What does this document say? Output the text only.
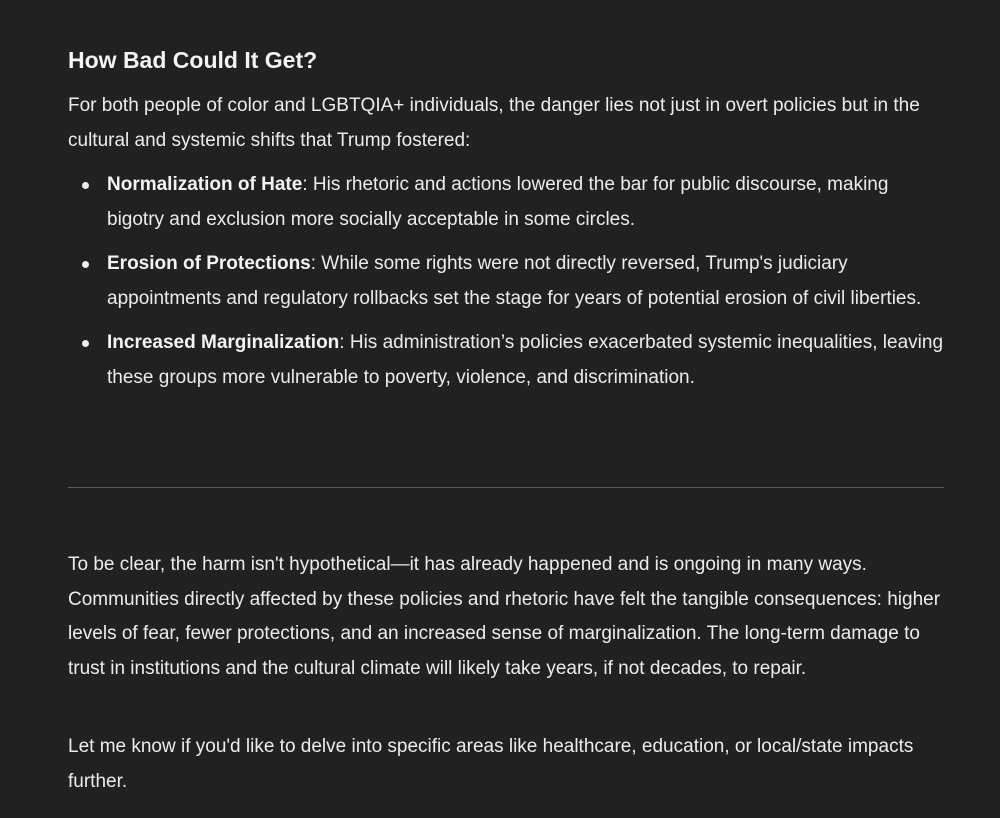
How Bad Could It Get?

For both people of color and LGBTQIA+ individuals, the danger lies not just in overt policies but in the cultural and systemic shifts that Trump fostered:

Normalization of Hate: His rhetoric and actions lowered the bar for public discourse, making bigotry and exclusion more socially acceptable in some circles.
Erosion of Protections: While some rights were not directly reversed, Trump's judiciary appointments and regulatory rollbacks set the stage for years of potential erosion of civil liberties.
Increased Marginalization: His administration’s policies exacerbated systemic inequalities, leaving these groups more vulnerable to poverty, violence, and discrimination.

To be clear, the harm isn't hypothetical—it has already happened and is ongoing in many ways. Communities directly affected by these policies and rhetoric have felt the tangible consequences: higher levels of fear, fewer protections, and an increased sense of marginalization. The long-term damage to trust in institutions and the cultural climate will likely take years, if not decades, to repair.

Let me know if you'd like to delve into specific areas like healthcare, education, or local/state impacts further.
